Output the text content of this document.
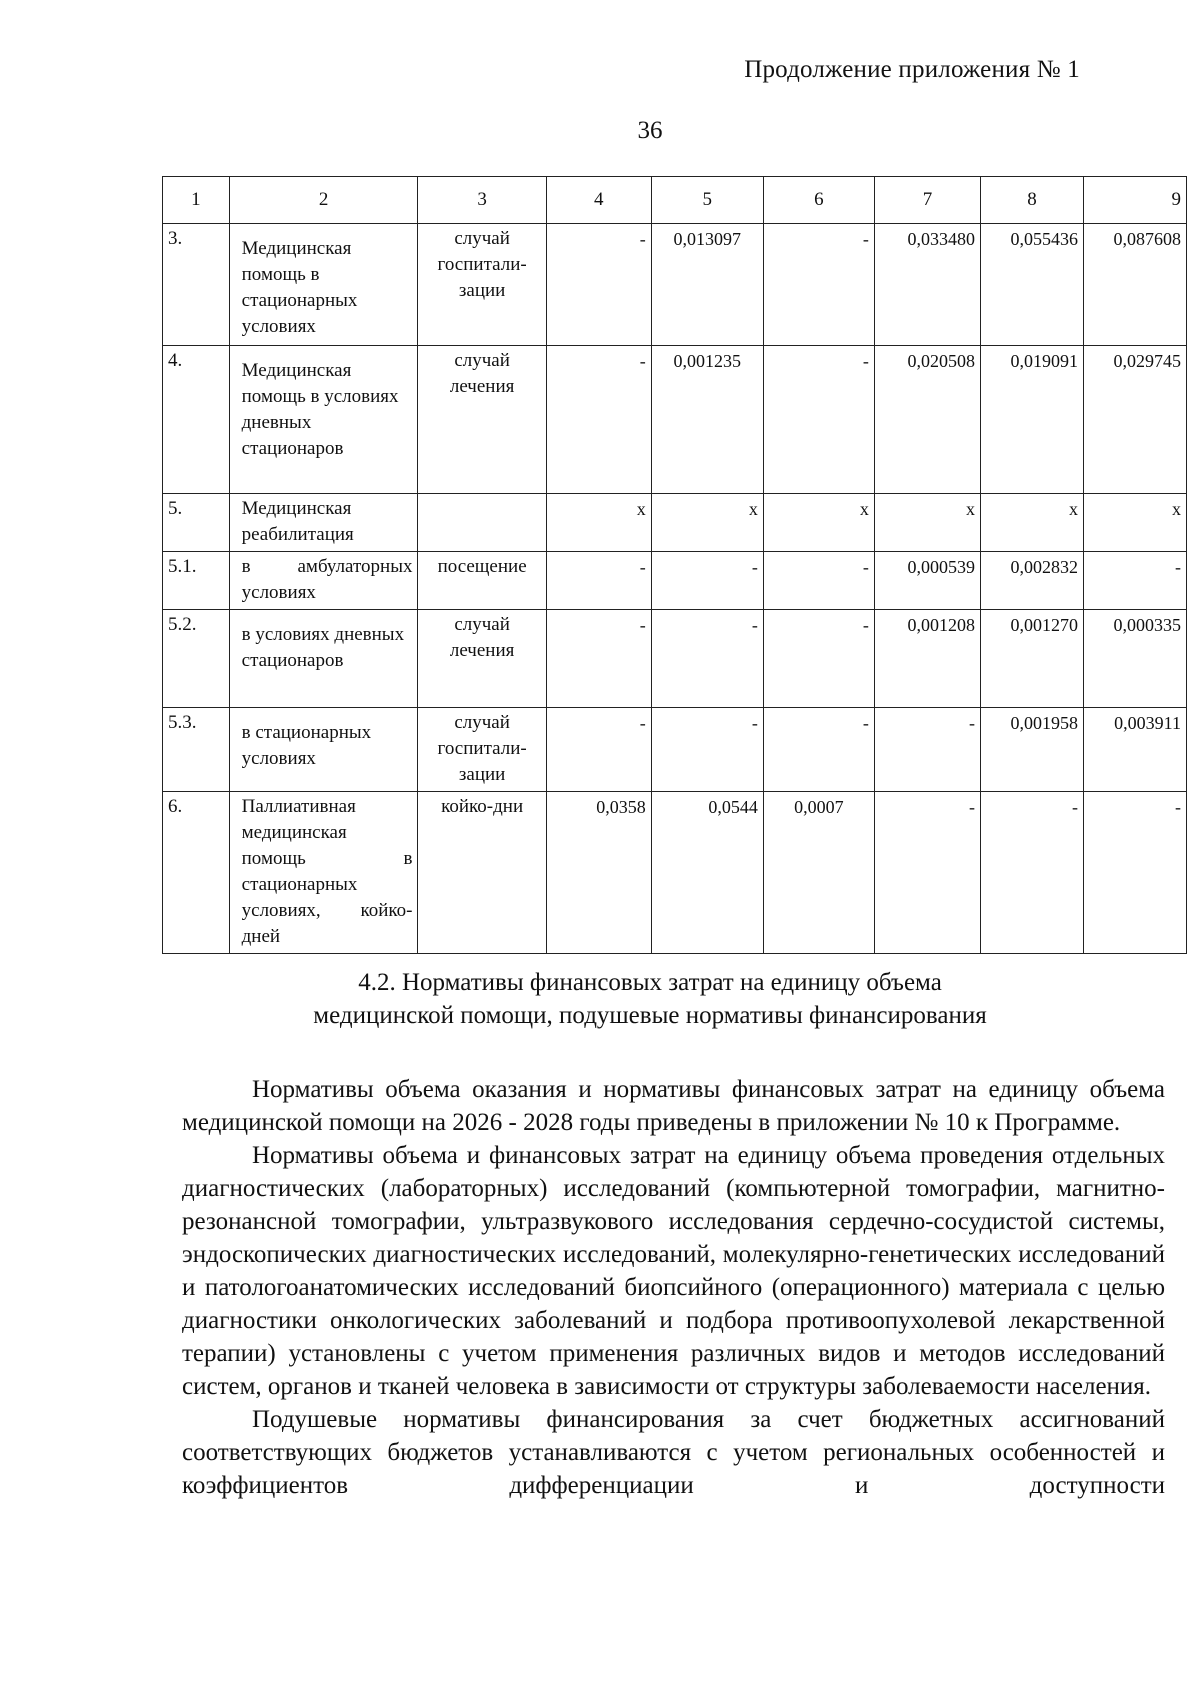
Продолжение приложения № 1
36
1	2	3	4	5	6	7	8	9
3.	Медицинская помощь в стационарных условиях	случай госпитали-зации	-	0,013097	-	0,033480	0,055436	0,087608
4.	Медицинская помощь в условиях дневных стационаров	случай лечения	-	0,001235	-	0,020508	0,019091	0,029745
5.	Медицинская реабилитация		x	x	x	x	x	x
5.1.	в амбулаторных условиях	посещение	-	-	-	0,000539	0,002832	-
5.2.	в условиях дневных стационаров	случай лечения	-	-	-	0,001208	0,001270	0,000335
5.3.	в стационарных условиях	случай госпитали-зации	-	-	-	-	0,001958	0,003911
6.	Паллиативная медицинская помощь в стационарных условиях, койко-дней	койко-дни	0,0358	0,0544	0,0007	-	-	-
4.2. Нормативы финансовых затрат на единицу объема
медицинской помощи, подушевые нормативы финансирования

Нормативы объема оказания и нормативы финансовых затрат на единицу объема медицинской помощи на 2026 - 2028 годы приведены в приложении № 10 к Программе.

Нормативы объема и финансовых затрат на единицу объема проведения отдельных диагностических (лабораторных) исследований (компьютерной томографии, магнитно-резонансной томографии, ультразвукового исследования сердечно-сосудистой системы, эндоскопических диагностических исследований, молекулярно-генетических исследований и патологоанатомических исследований биопсийного (операционного) материала с целью диагностики онкологических заболеваний и подбора противоопухолевой лекарственной терапии) установлены с учетом применения различных видов и методов исследований систем, органов и тканей человека в зависимости от структуры заболеваемости населения.

Подушевые нормативы финансирования за счет бюджетных ассигнований соответствующих бюджетов устанавливаются с учетом региональных особенностей и коэффициентов дифференциации и доступности
